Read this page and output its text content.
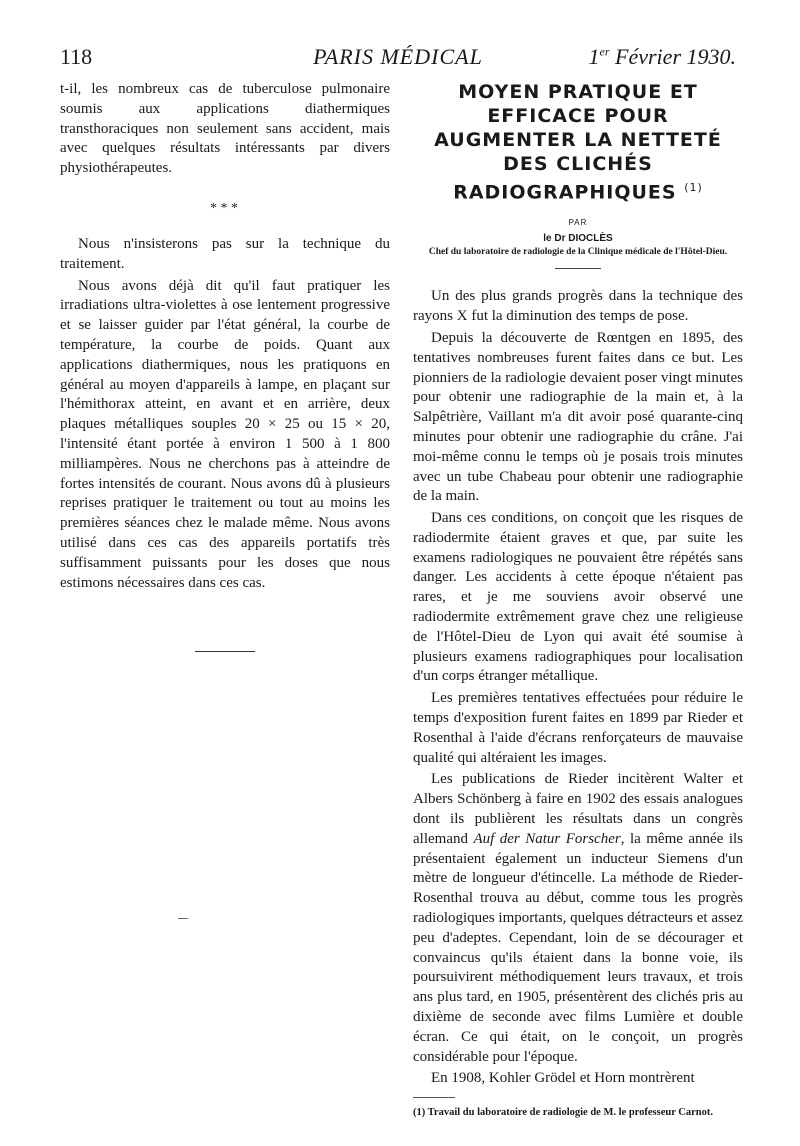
118	PARIS MÉDICAL	1er Février 1930.

t-il, les nombreux cas de tuberculose pulmonaire soumis aux applications diathermiques transthoraciques non seulement sans accident, mais avec quelques résultats intéressants par divers physiothérapeutes.

* * *

Nous n'insisterons pas sur la technique du traitement.

Nous avons déjà dit qu'il faut pratiquer les irradiations ultra-violettes à ose lentement progressive et se laisser guider par l'état général, la courbe de température, la courbe de poids. Quant aux applications diathermiques, nous les pratiquons en général au moyen d'appareils à lampe, en plaçant sur l'hémithorax atteint, en avant et en arrière, deux plaques métalliques souples 20 × 25 ou 15 × 20, l'intensité étant portée à environ 1 500 à 1 800 milliampères. Nous ne cherchons pas à atteindre de fortes intensités de courant. Nous avons dû à plusieurs reprises pratiquer le traitement ou tout au moins les premières séances chez le malade même. Nous avons utilisé dans ces cas des appareils portatifs très suffisamment puissants pour les doses que nous estimons nécessaires dans ces cas.

MOYEN PRATIQUE ET EFFICACE POUR AUGMENTER LA NETTETÉ DES CLICHÉS RADIOGRAPHIQUES $^{(1)}$
PAR
le Dr DIOCLÈS
Chef du laboratoire de radiologie de la Clinique médicale de l'Hôtel-Dieu.

Un des plus grands progrès dans la technique des rayons X fut la diminution des temps de pose.

Depuis la découverte de Rœntgen en 1895, des tentatives nombreuses furent faites dans ce but. Les pionniers de la radiologie devaient poser vingt minutes pour obtenir une radiographie de la main et, à la Salpêtrière, Vaillant m'a dit avoir posé quarante-cinq minutes pour obtenir une radiographie du crâne. J'ai moi-même connu le temps où je posais trois minutes avec un tube Chabeau pour obtenir une radiographie de la main.

Dans ces conditions, on conçoit que les risques de radiodermite étaient graves et que, par suite les examens radiologiques ne pouvaient être répétés sans danger. Les accidents à cette époque n'étaient pas rares, et je me souviens avoir observé une radiodermite extrêmement grave chez une religieuse de l'Hôtel-Dieu de Lyon qui avait été soumise à plusieurs examens radiographiques pour localisation d'un corps étranger métallique.

Les premières tentatives effectuées pour réduire le temps d'exposition furent faites en 1899 par Rieder et Rosenthal à l'aide d'écrans renforçateurs de mauvaise qualité qui altéraient les images.

Les publications de Rieder incitèrent Walter et Albers Schönberg à faire en 1902 des essais analogues dont ils publièrent les résultats dans un congrès allemand Auf der Natur Forscher, la même année ils présentaient également un inducteur Siemens d'un mètre de longueur d'étincelle. La méthode de Rieder-Rosenthal trouva au début, comme tous les progrès radiologiques importants, quelques détracteurs et assez peu d'adeptes. Cependant, loin de se décourager et convaincus qu'ils étaient dans la bonne voie, ils poursuivirent méthodiquement leurs travaux, et trois ans plus tard, en 1905, présentèrent des clichés pris au dixième de seconde avec films Lumière et double écran. Ce qui était, on le conçoit, un progrès considérable pour l'époque.

En 1908, Kohler Grödel et Horn montrèrent

(1) Travail du laboratoire de radiologie de M. le professeur Carnot.
